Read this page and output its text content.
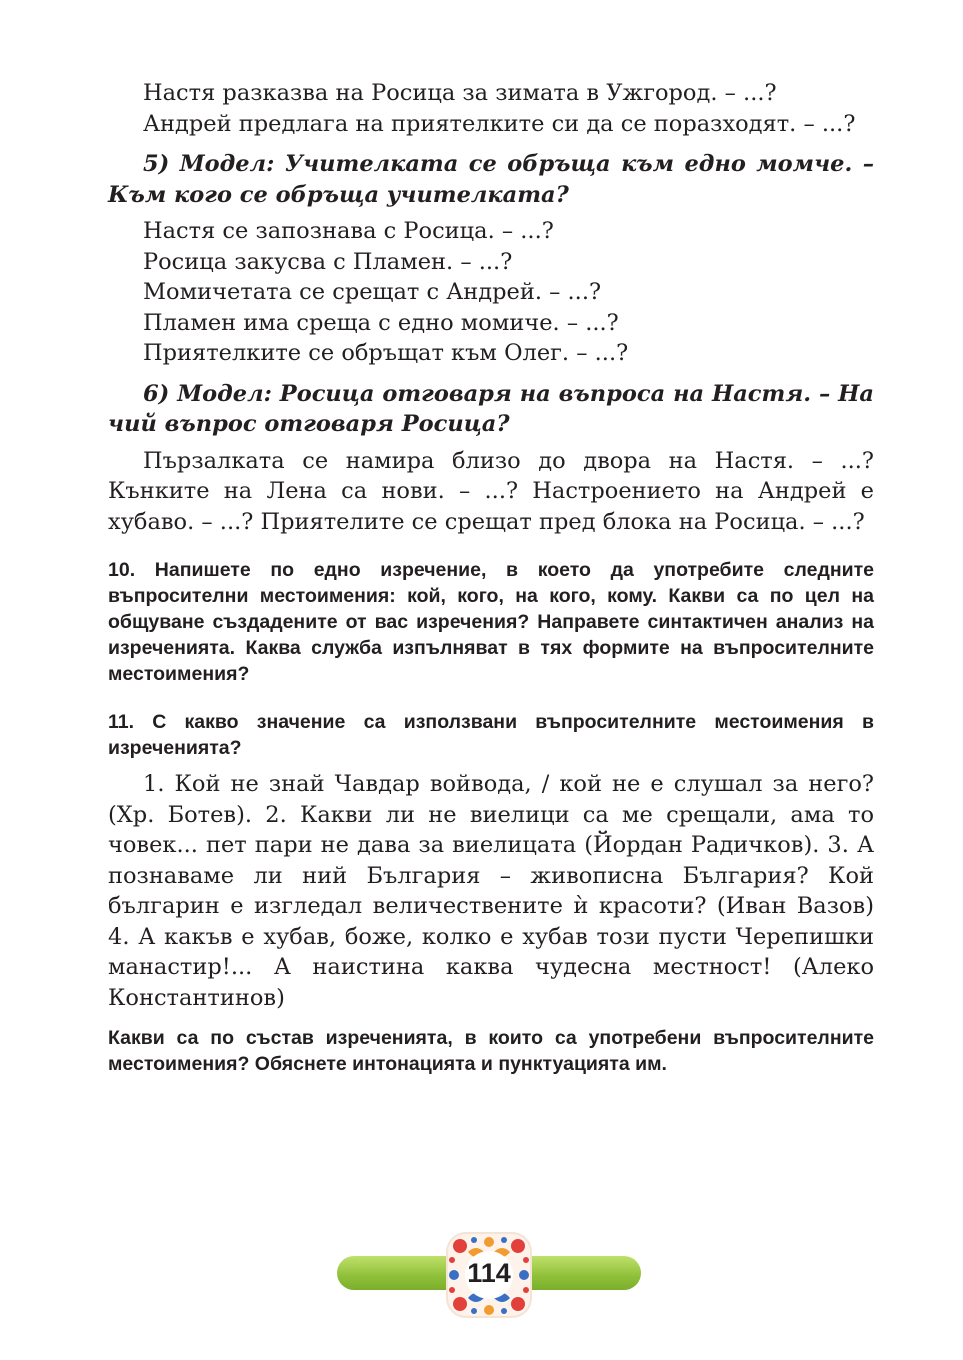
Настя разказва на Росица за зимата в Ужгород. – ...?

Андрей предлага на приятелките си да се поразходят. – ...?

5) Модел: Учителката се обръща към едно момче. – Към кого се обръща учителката?

Настя се запознава с Росица. – ...?

Росица закусва с Пламен. – ...?

Момичетата се срещат с Андрей. – ...?

Пламен има среща с едно момиче. – ...?

Приятелките се обръщат към Олег. – ...?

6) Модел: Росица отговаря на въпроса на Настя. – На чий въпрос отговаря Росица?

Пързалката се намира близо до двора на Настя. – ...? Кънките на Лена са нови. – ...? Настроението на Андрей е хубаво. – ...? Приятелите се срещат пред блока на Росица. – ...?

10. Напишете по едно изречение, в което да употребите следните въпросителни местоимения: кой, кого, на кого, кому. Какви са по цел на общуване създадените от вас изречения? Направете синтактичен анализ на изреченията. Каква служба изпълняват в тях формите на въпросителните местоимения?

11. С какво значение са използвани въпросителните местоимения в изреченията?

1. Кой не знай Чавдар войвода, / кой не е слушал за него? (Хр. Ботев). 2. Какви ли не виелици са ме срещали, ама то човек... пет пари не дава за виелицата (Йордан Радичков). 3. А познаваме ли ний България – живописна България? Кой българин е изгледал величествените ѝ красоти? (Иван Вазов) 4. А какъв е хубав, боже, колко е хубав този пусти Черепишки манастир!... А наистина каква чудесна местност! (Алеко Константинов)

Какви са по състав изреченията, в които са употребени въпросителните местоимения? Обяснете интонацията и пунктуацията им.

114
